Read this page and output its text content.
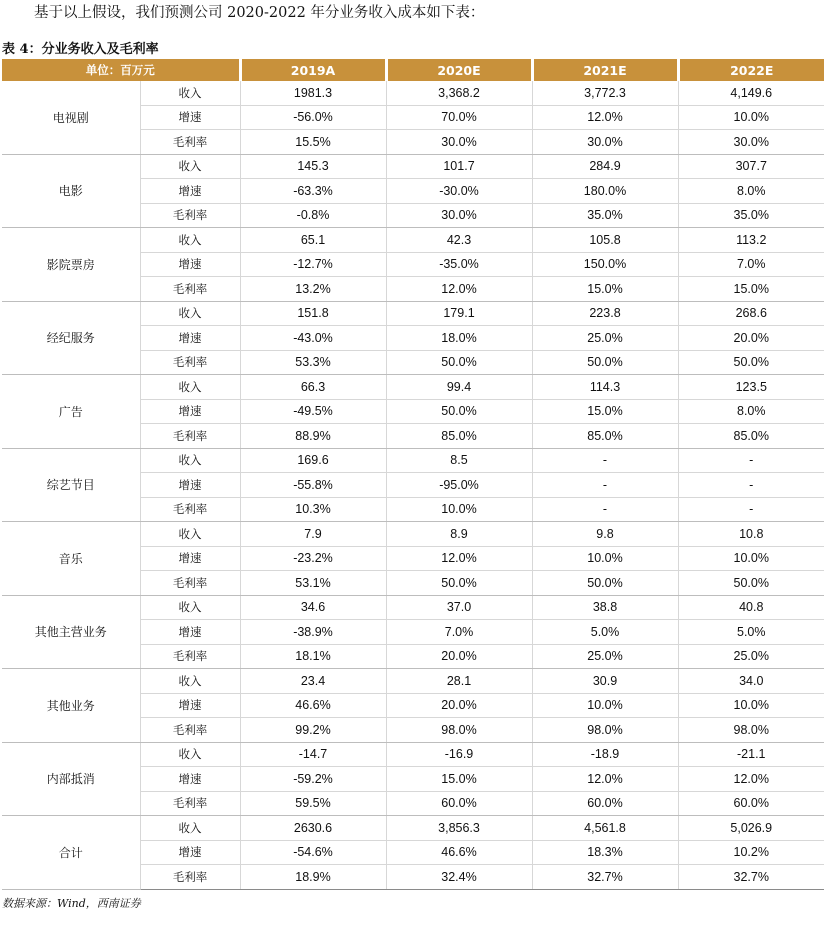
基于以上假设，我们预测公司 2020-2022 年分业务收入成本如下表：
表 4：分业务收入及毛利率
单位：百万元		2019A	2020E	2021E	2022E
电视剧	收入	1981.3	3,368.2	3,772.3	4,149.6
	增速	-56.0%	70.0%	12.0%	10.0%
	毛利率	15.5%	30.0%	30.0%	30.0%
电影	收入	145.3	101.7	284.9	307.7
	增速	-63.3%	-30.0%	180.0%	8.0%
	毛利率	-0.8%	30.0%	35.0%	35.0%
影院票房	收入	65.1	42.3	105.8	113.2
	增速	-12.7%	-35.0%	150.0%	7.0%
	毛利率	13.2%	12.0%	15.0%	15.0%
经纪服务	收入	151.8	179.1	223.8	268.6
	增速	-43.0%	18.0%	25.0%	20.0%
	毛利率	53.3%	50.0%	50.0%	50.0%
广告	收入	66.3	99.4	114.3	123.5
	增速	-49.5%	50.0%	15.0%	8.0%
	毛利率	88.9%	85.0%	85.0%	85.0%
综艺节目	收入	169.6	8.5	-	-
	增速	-55.8%	-95.0%	-	-
	毛利率	10.3%	10.0%	-	-
音乐	收入	7.9	8.9	9.8	10.8
	增速	-23.2%	12.0%	10.0%	10.0%
	毛利率	53.1%	50.0%	50.0%	50.0%
其他主营业务	收入	34.6	37.0	38.8	40.8
	增速	-38.9%	7.0%	5.0%	5.0%
	毛利率	18.1%	20.0%	25.0%	25.0%
其他业务	收入	23.4	28.1	30.9	34.0
	增速	46.6%	20.0%	10.0%	10.0%
	毛利率	99.2%	98.0%	98.0%	98.0%
内部抵消	收入	-14.7	-16.9	-18.9	-21.1
	增速	-59.2%	15.0%	12.0%	12.0%
	毛利率	59.5%	60.0%	60.0%	60.0%
合计	收入	2630.6	3,856.3	4,561.8	5,026.9
	增速	-54.6%	46.6%	18.3%	10.2%
	毛利率	18.9%	32.4%	32.7%	32.7%
数据来源：Wind，西南证券
